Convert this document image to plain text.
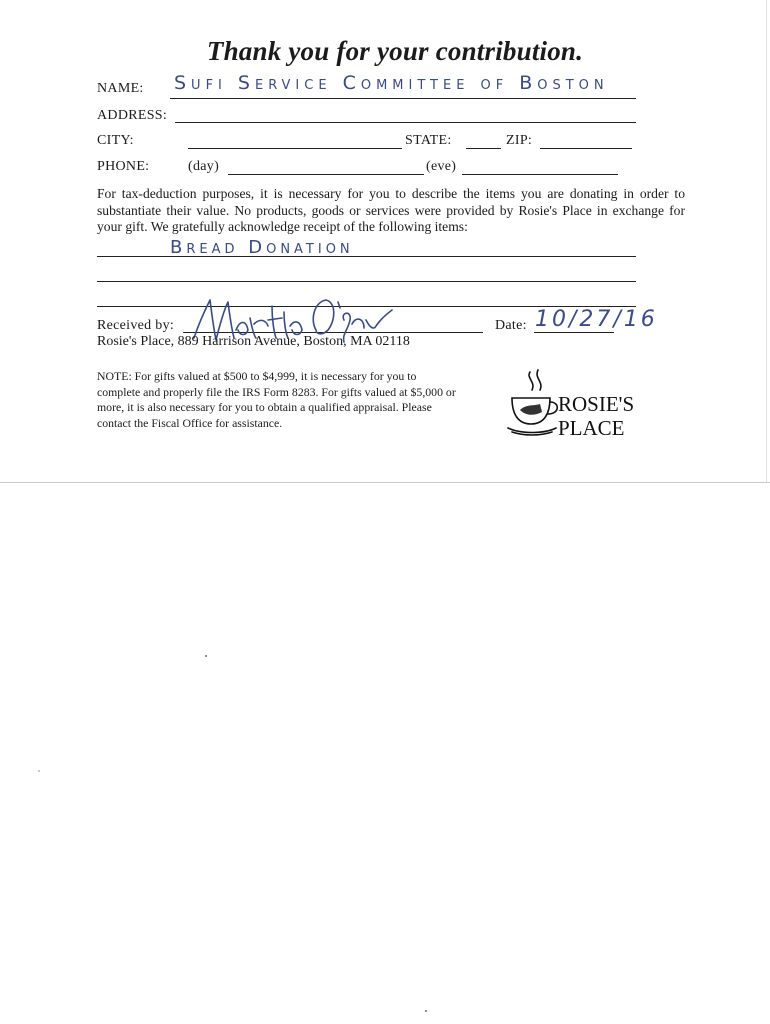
Thank you for your contribution.
NAME: Sufi Service Committee of Boston
ADDRESS:
CITY:	STATE:	ZIP:
PHONE:	(day)	(eve)

For tax-deduction purposes, it is necessary for you to describe the items you are donating in order to substantiate their value. No products, goods or services were provided by Rosie's Place in exchange for your gift. We gratefully acknowledge receipt of the following items:

Bread Donation
Received by:	Date: 10/27/16
Rosie's Place, 889 Harrison Avenue, Boston, MA 02118

NOTE: For gifts valued at $500 to $4,999, it is necessary for you to complete and properly file the IRS Form 8283. For gifts valued at $5,000 or more, it is also necessary for you to obtain a qualified appraisal. Please contact the Fiscal Office for assistance.

ROSIE'S
PLACE
